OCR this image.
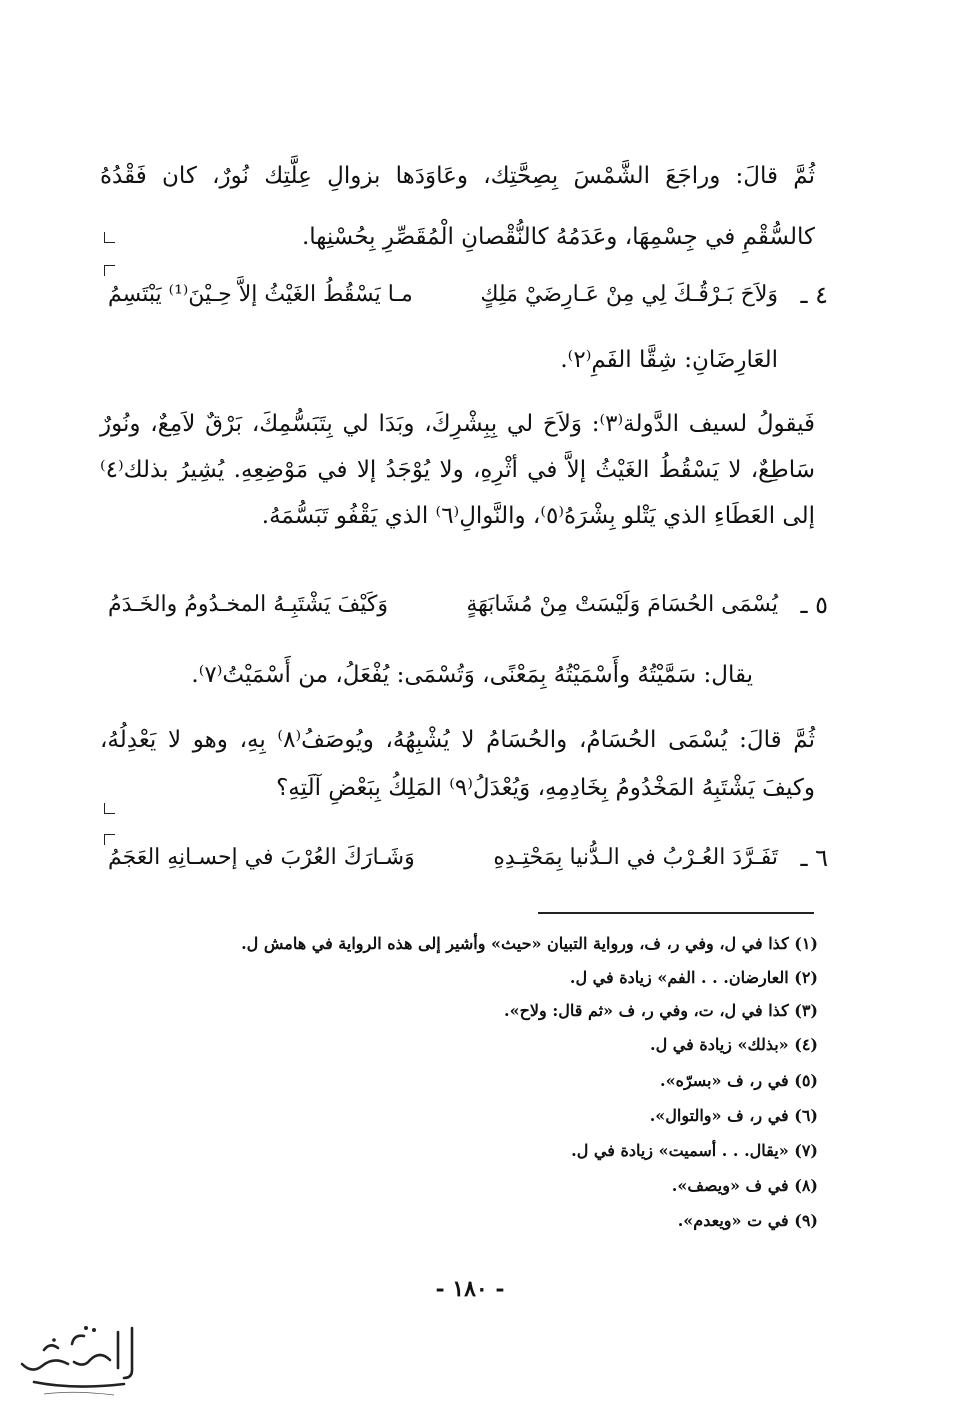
ثُمَّ قالَ: وراجَعَ الشَّمْسَ بِصِحَّتِك، وعَاوَدَها بزوالِ عِلَّتِك نُورٌ، كان فَقْدُهُ كالسُّقْمِ في جِسْمِهَا، وعَدَمُهُ كالنُّقْصانِ الْمُقَصِّرِ بِحُسْنِها.
٤ ـ
وَلاَحَ بَـرْقُـكَ لِي مِنْ عَـارِضَيْ مَلِكٍ
مـا يَسْقُطُ الغَيْثُ إلاَّ حِـيْنَ⁽¹⁾ يَبْتَسِمُ
العَارِضَانِ: شِقَّا الفَمِ⁽٢⁾.
فَيقولُ لسيف الدَّولة⁽٣⁾: وَلاَحَ لي بِبِشْرِكَ، وبَدَا لي بِتَبَسُّمِكَ، بَرْقٌ لاَمِعٌ، ونُورٌ سَاطِعٌ، لا يَسْقُطُ الغَيْثُ إلاَّ في أثْرِهِ، ولا يُوْجَدُ إلا في مَوْضِعِهِ. يُشِيرُ بذلك⁽٤⁾ إلى العَطَاءِ الذي يَتْلو بِشْرَهُ⁽٥⁾، والنَّوالِ⁽٦⁾ الذي يَقْفُو تَبَسُّمَهُ.
٥ ـ
يُسْمَى الحُسَامَ وَلَيْسَتْ مِنْ مُشَابَهَةٍ
وَكَيْفَ يَشْتَبِـهُ المخـدُومُ والخَـدَمُ
يقال: سَمَّيْتُهُ وأَسْمَيْتُهُ بِمَعْنًى، وَتُسْمَى: يُفْعَلُ، من أَسْمَيْتُ⁽٧⁾.
ثُمَّ قالَ: يُسْمَى الحُسَامُ، والحُسَامُ لا يُشْبِهُهُ، ويُوصَفُ⁽٨⁾ بِهِ، وهو لا يَعْدِلُهُ، وكيفَ يَشْتَبِهُ المَخْدُومُ بِخَادِمِهِ، وَيُعْدَلُ⁽٩⁾ المَلِكُ بِبَعْضِ آلَتِهِ؟
٦ ـ
تَفَـرَّدَ العُـرْبُ في الـدُّنيا بِمَحْتِـدِهِ
وَشَـارَكَ العُرْبَ في إحسـانِهِ العَجَمُ
(١) كذا في ل، وفي ر، ف، ورواية التبيان «حيث» وأشير إلى هذه الرواية في هامش ل.
(٢) العارضان. . . الفم» زيادة في ل.
(٣) كذا في ل، ت، وفي ر، ف «ثم قال: ولاح».
(٤) «بذلك» زيادة في ل.
(٥) في ر، ف «بسرّه».
(٦) في ر، ف «والتوال».
(٧) «يقال. . . أسميت» زيادة في ل.
(٨) في ف «ويصف».
(٩) في ت «ويعدم».
- ١٨٠ -
